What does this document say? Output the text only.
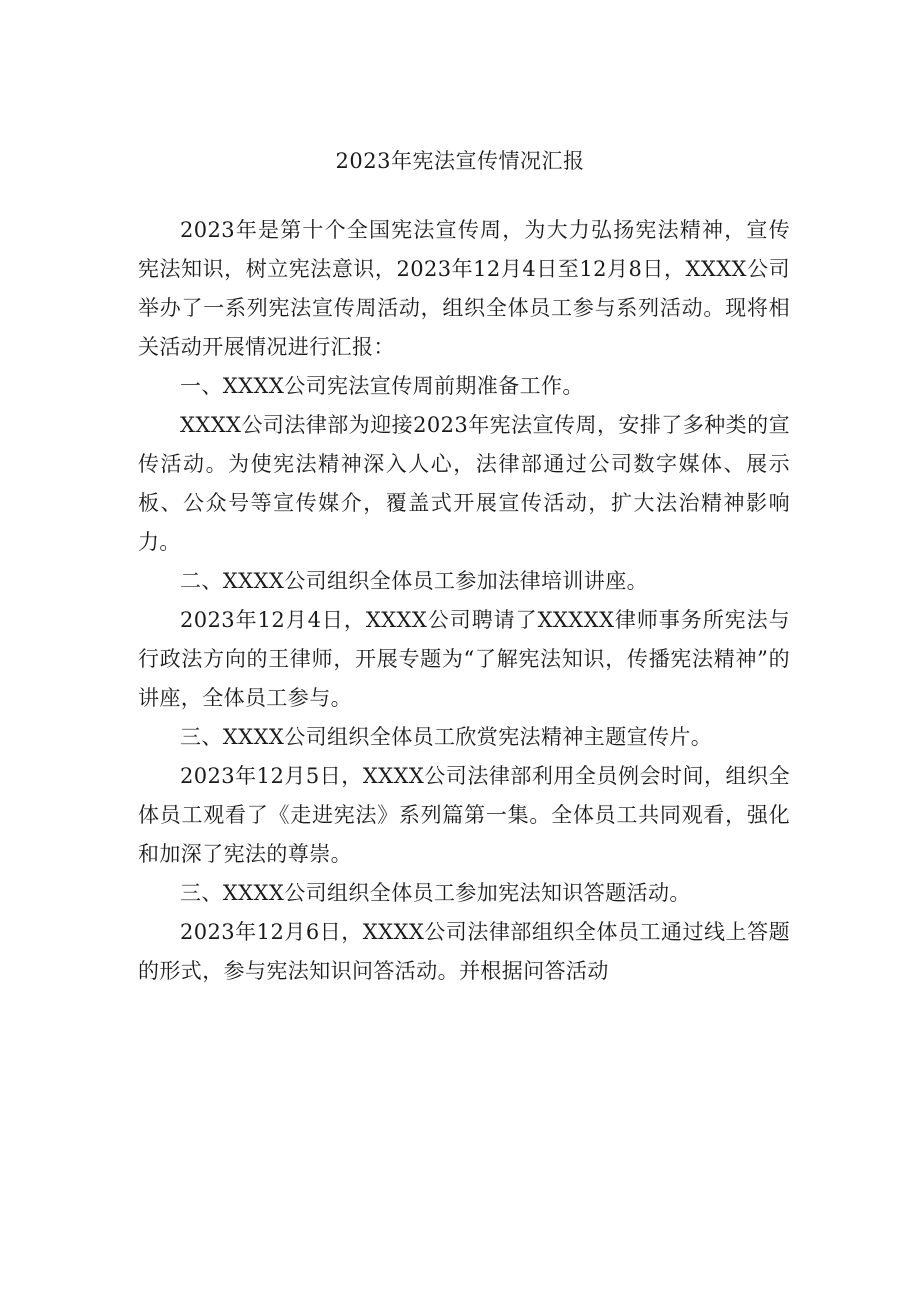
2023年宪法宣传情况汇报

2023年是第十个全国宪法宣传周，为大力弘扬宪法精神，宣传宪法知识，树立宪法意识，2023年12月4日至12月8日，XXXX公司举办了一系列宪法宣传周活动，组织全体员工参与系列活动。现将相关活动开展情况进行汇报：

一、XXXX公司宪法宣传周前期准备工作。

XXXX公司法律部为迎接2023年宪法宣传周，安排了多种类的宣传活动。为使宪法精神深入人心，法律部通过公司数字媒体、展示板、公众号等宣传媒介，覆盖式开展宣传活动，扩大法治精神影响力。

二、XXXX公司组织全体员工参加法律培训讲座。

2023年12月4日，XXXX公司聘请了XXXXX律师事务所宪法与行政法方向的王律师，开展专题为“了解宪法知识，传播宪法精神”的讲座，全体员工参与。

三、XXXX公司组织全体员工欣赏宪法精神主题宣传片。

2023年12月5日，XXXX公司法律部利用全员例会时间，组织全体员工观看了《走进宪法》系列篇第一集。全体员工共同观看，强化和加深了宪法的尊崇。

三、XXXX公司组织全体员工参加宪法知识答题活动。

2023年12月6日，XXXX公司法律部组织全体员工通过线上答题的形式，参与宪法知识问答活动。并根据问答活动
